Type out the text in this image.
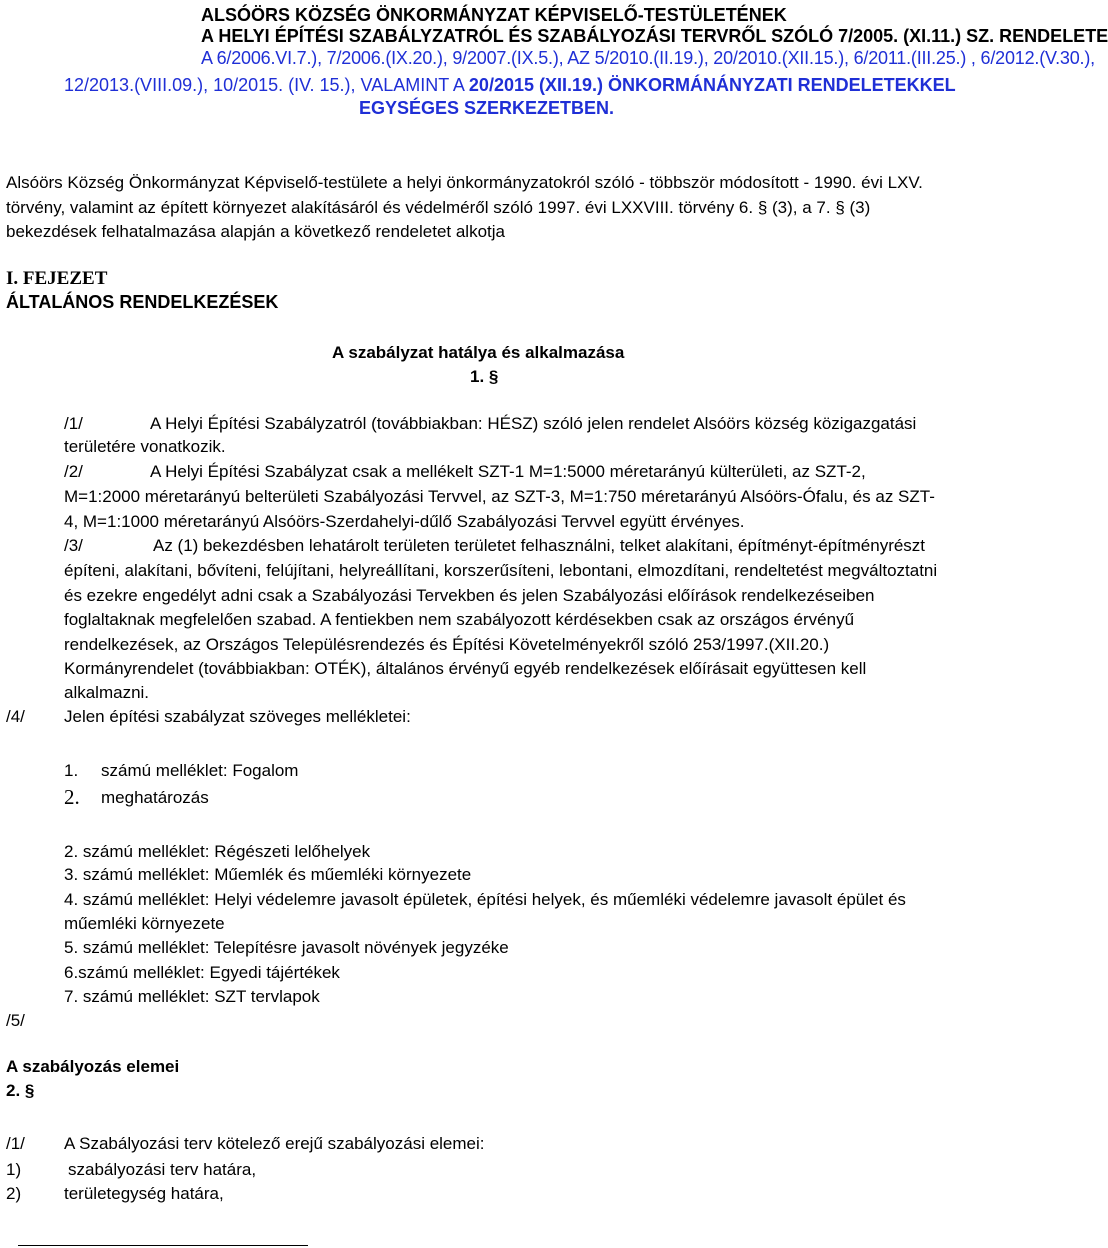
ALSÓÖRS KÖZSÉG ÖNKORMÁNYZAT KÉPVISELŐ-TESTÜLETÉNEK
A HELYI ÉPÍTÉSI SZABÁLYZATRÓL ÉS SZABÁLYOZÁSI TERVRŐL SZÓLÓ 7/2005. (XI.11.) SZ. RENDELETE
A 6/2006.VI.7.), 7/2006.(IX.20.), 9/2007.(IX.5.), AZ 5/2010.(II.19.), 20/2010.(XII.15.), 6/2011.(III.25.) , 6/2012.(V.30.),
12/2013.(VIII.09.), 10/2015. (IV. 15.), VALAMINT A 20/2015 (XII.19.) ÖNKORMÁNÁNYZATI RENDELETEKKEL
EGYSÉGES SZERKEZETBEN.
Alsóörs Község Önkormányzat Képviselő-testülete a helyi önkormányzatokról szóló - többször módosított - 1990. évi LXV.
törvény, valamint az épített környezet alakításáról és védelméről szóló 1997. évi LXXVIII. törvény 6. § (3), a 7. § (3)
bekezdések felhatalmazása alapján a következő rendeletet alkotja
I. FEJEZET
ÁLTALÁNOS RENDELKEZÉSEK
A szabályzat hatálya és alkalmazása
1. §
/1/	A Helyi Építési Szabályzatról (továbbiakban: HÉSZ) szóló jelen rendelet Alsóörs község közigazgatási
területére vonatkozik.
/2/	A Helyi Építési Szabályzat csak a mellékelt SZT-1 M=1:5000 méretarányú külterületi, az SZT-2,
M=1:2000 méretarányú belterületi Szabályozási Tervvel, az SZT-3, M=1:750 méretarányú Alsóörs-Ófalu, és az SZT-
4, M=1:1000 méretarányú Alsóörs-Szerdahelyi-dűlő Szabályozási Tervvel együtt érvényes.
/3/	Az (1) bekezdésben lehatárolt területen területet felhasználni, telket alakítani, építményt-építményrészt
építeni, alakítani, bővíteni, felújítani, helyreállítani, korszerűsíteni, lebontani, elmozdítani, rendeltetést megváltoztatni
és ezekre engedélyt adni csak a Szabályozási Tervekben és jelen Szabályozási előírások rendelkezéseiben
foglaltaknak megfelelően szabad. A fentiekben nem szabályozott kérdésekben csak az országos érvényű
rendelkezések, az Országos Településrendezés és Építési Követelményekről szóló 253/1997.(XII.20.)
Kormányrendelet (továbbiakban: OTÉK), általános érvényű egyéb rendelkezések előírásait együttesen kell
alkalmazni.
/4/ Jelen építési szabályzat szöveges mellékletei:
1. számú melléklet: Fogalom
2. meghatározás
2. számú melléklet: Régészeti lelőhelyek
3. számú melléklet: Műemlék és műemléki környezete
4. számú melléklet: Helyi védelemre javasolt épületek, építési helyek, és műemléki védelemre javasolt épület és
műemléki környezete
5. számú melléklet: Telepítésre javasolt növények jegyzéke
6.számú melléklet: Egyedi tájértékek
7. számú melléklet: SZT tervlapok
/5/
A szabályozás elemei
2. §
/1/ A Szabályozási terv kötelező erejű szabályozási elemei:
1)	szabályozási terv határa,
2)	területegység határa,
